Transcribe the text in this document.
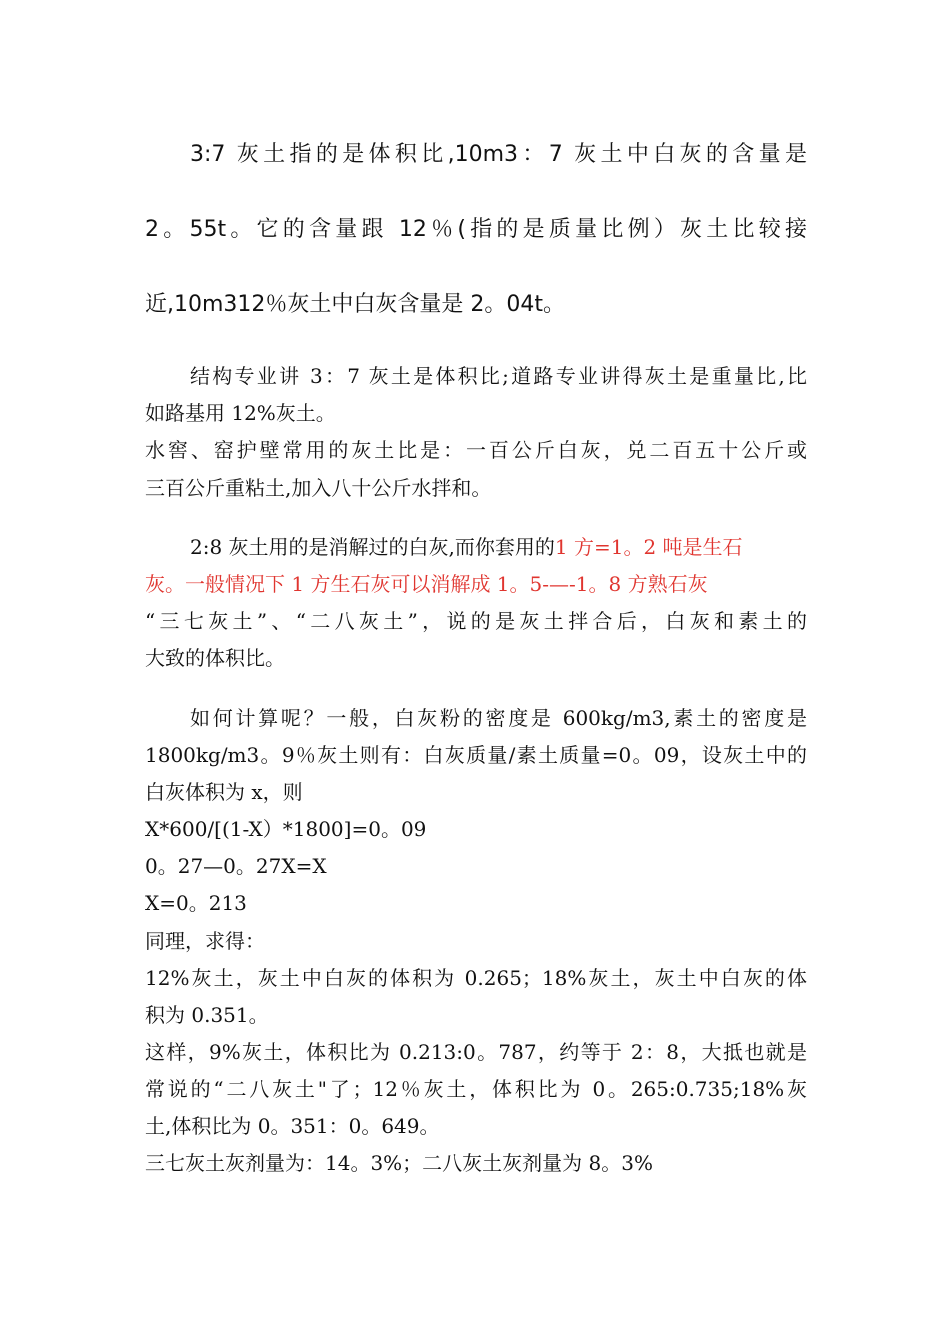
3:7 灰土指的是体积比,10m3：7 灰土中白灰的含量是
2。55t。它的含量跟 12％(指的是质量比例）灰土比较接
近,10m312％灰土中白灰含量是 2。04t。
结构专业讲 3：7 灰土是体积比;道路专业讲得灰土是重量比,比
如路基用 12%灰土。
水窖、窑护壁常用的灰土比是：一百公斤白灰，兑二百五十公斤或
三百公斤重粘土,加入八十公斤水拌和。
2:8 灰土用的是消解过的白灰,而你套用的1 方=1。2 吨是生石
灰。一般情况下 1 方生石灰可以消解成 1。5-—-1。8 方熟石灰
“三七灰土”、“二八灰土”，说的是灰土拌合后，白灰和素土的
大致的体积比。
如何计算呢？一般，白灰粉的密度是 600kg/m3,素土的密度是
1800kg/m3。9％灰土则有：白灰质量/素土质量=0。09，设灰土中的
白灰体积为 x，则
X*600/[(1-X）*1800]=0。09
0。27—0。27X=X
X=0。213
同理，求得：
12%灰土，灰土中白灰的体积为 0.265；18%灰土，灰土中白灰的体
积为 0.351。
这样，9%灰土，体积比为 0.213:0。787，约等于 2：8，大抵也就是
常说的“二八灰土"了；12％灰土，体积比为 0。265:0.735;18%灰
土,体积比为 0。351：0。649。
三七灰土灰剂量为：14。3%；二八灰土灰剂量为 8。3%
